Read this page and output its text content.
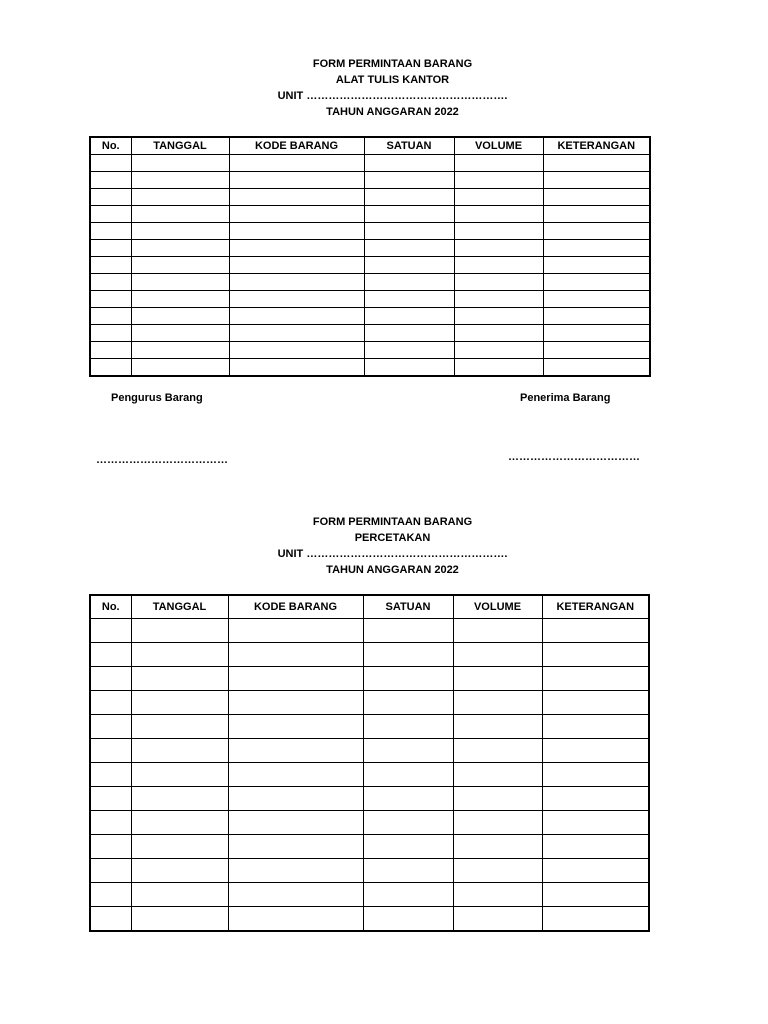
FORM PERMINTAAN BARANG
ALAT TULIS KANTOR
UNIT ……………………………………………….
TAHUN ANGGARAN 2022
No.	TANGGAL	KODE BARANG	SATUAN	VOLUME	KETERANGAN

Pengurus Barang	Penerima Barang
………………………………	………………………………
FORM PERMINTAAN BARANG
PERCETAKAN
UNIT ……………………………………………….
TAHUN ANGGARAN 2022
No.	TANGGAL	KODE BARANG	SATUAN	VOLUME	KETERANGAN
